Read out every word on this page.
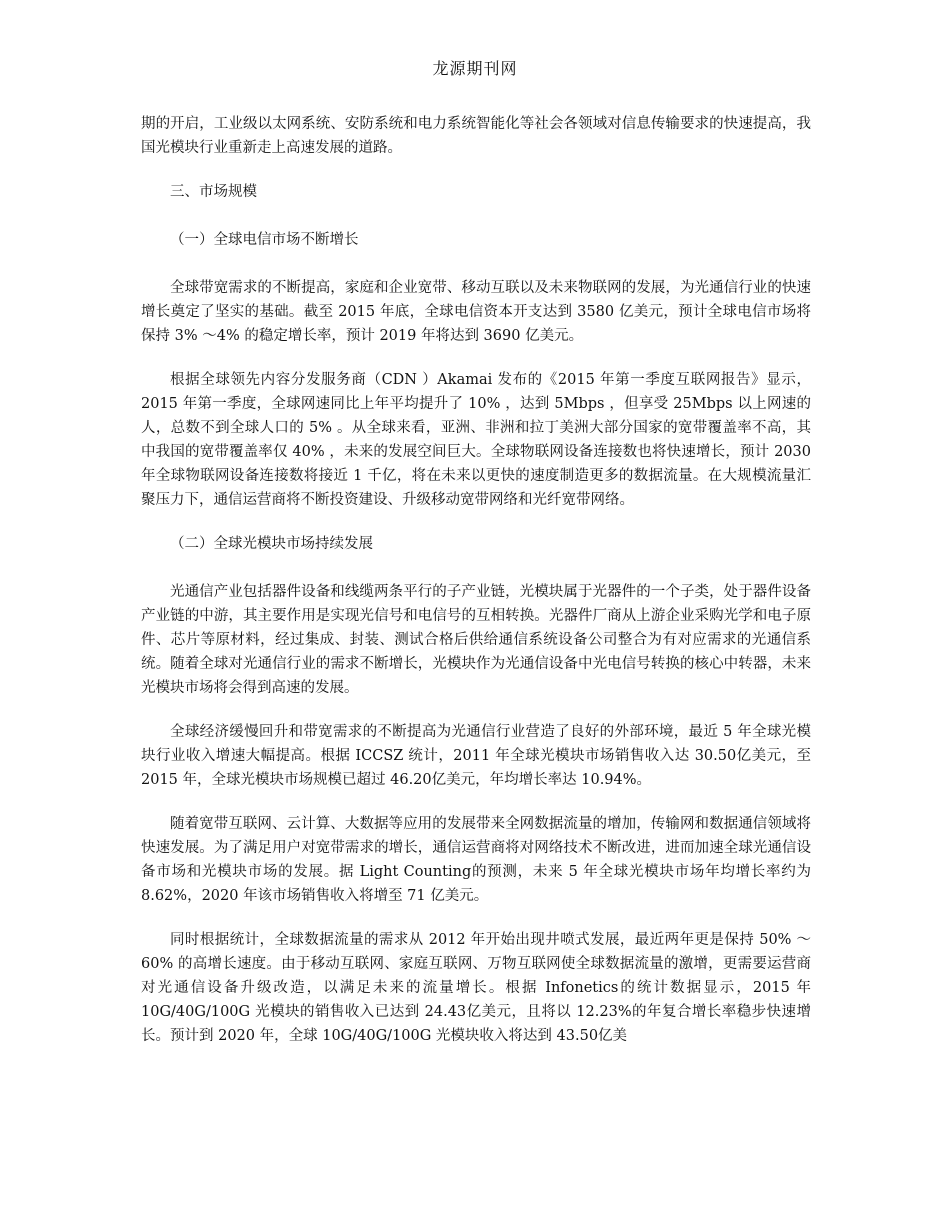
龙源期刊网

期的开启，工业级以太网系统、安防系统和电力系统智能化等社会各领域对信息传输要求的快速提高，我国光模块行业重新走上高速发展的道路。

三、市场规模

（一）全球电信市场不断增长

全球带宽需求的不断提高，家庭和企业宽带、移动互联以及未来物联网的发展，为光通信行业的快速增长奠定了坚实的基础。截至 2015 年底，全球电信资本开支达到 3580 亿美元，预计全球电信市场将保持 3% ～4% 的稳定增长率，预计 2019 年将达到 3690 亿美元。

根据全球领先内容分发服务商（CDN ）Akamai 发布的《2015 年第一季度互联网报告》显示，2015 年第一季度，全球网速同比上年平均提升了 10% ，达到 5Mbps ，但享受 25Mbps 以上网速的人，总数不到全球人口的 5% 。从全球来看，亚洲、非洲和拉丁美洲大部分国家的宽带覆盖率不高，其中我国的宽带覆盖率仅 40% ，未来的发展空间巨大。全球物联网设备连接数也将快速增长，预计 2030 年全球物联网设备连接数将接近 1 千亿，将在未来以更快的速度制造更多的数据流量。在大规模流量汇聚压力下，通信运营商将不断投资建设、升级移动宽带网络和光纤宽带网络。

（二）全球光模块市场持续发展

光通信产业包括器件设备和线缆两条平行的子产业链，光模块属于光器件的一个子类，处于器件设备产业链的中游，其主要作用是实现光信号和电信号的互相转换。光器件厂商从上游企业采购光学和电子原件、芯片等原材料，经过集成、封装、测试合格后供给通信系统设备公司整合为有对应需求的光通信系统。随着全球对光通信行业的需求不断增长，光模块作为光通信设备中光电信号转换的核心中转器，未来光模块市场将会得到高速的发展。

全球经济缓慢回升和带宽需求的不断提高为光通信行业营造了良好的外部环境，最近 5 年全球光模块行业收入增速大幅提高。根据 ICCSZ 统计，2011 年全球光模块市场销售收入达 30.50亿美元，至 2015 年，全球光模块市场规模已超过 46.20亿美元，年均增长率达 10.94%。

随着宽带互联网、云计算、大数据等应用的发展带来全网数据流量的增加，传输网和数据通信领域将快速发展。为了满足用户对宽带需求的增长，通信运营商将对网络技术不断改进，进而加速全球光通信设备市场和光模块市场的发展。据 Light Counting的预测，未来 5 年全球光模块市场年均增长率约为 8.62%，2020 年该市场销售收入将增至 71 亿美元。

同时根据统计，全球数据流量的需求从 2012 年开始出现井喷式发展，最近两年更是保持 50% ～60% 的高增长速度。由于移动互联网、家庭互联网、万物互联网使全球数据流量的激增，更需要运营商对光通信设备升级改造，以满足未来的流量增长。根据 Infonetics的统计数据显示，2015 年 10G/40G/100G 光模块的销售收入已达到 24.43亿美元，且将以 12.23%的年复合增长率稳步快速增长。预计到 2020 年，全球 10G/40G/100G 光模块收入将达到 43.50亿美
